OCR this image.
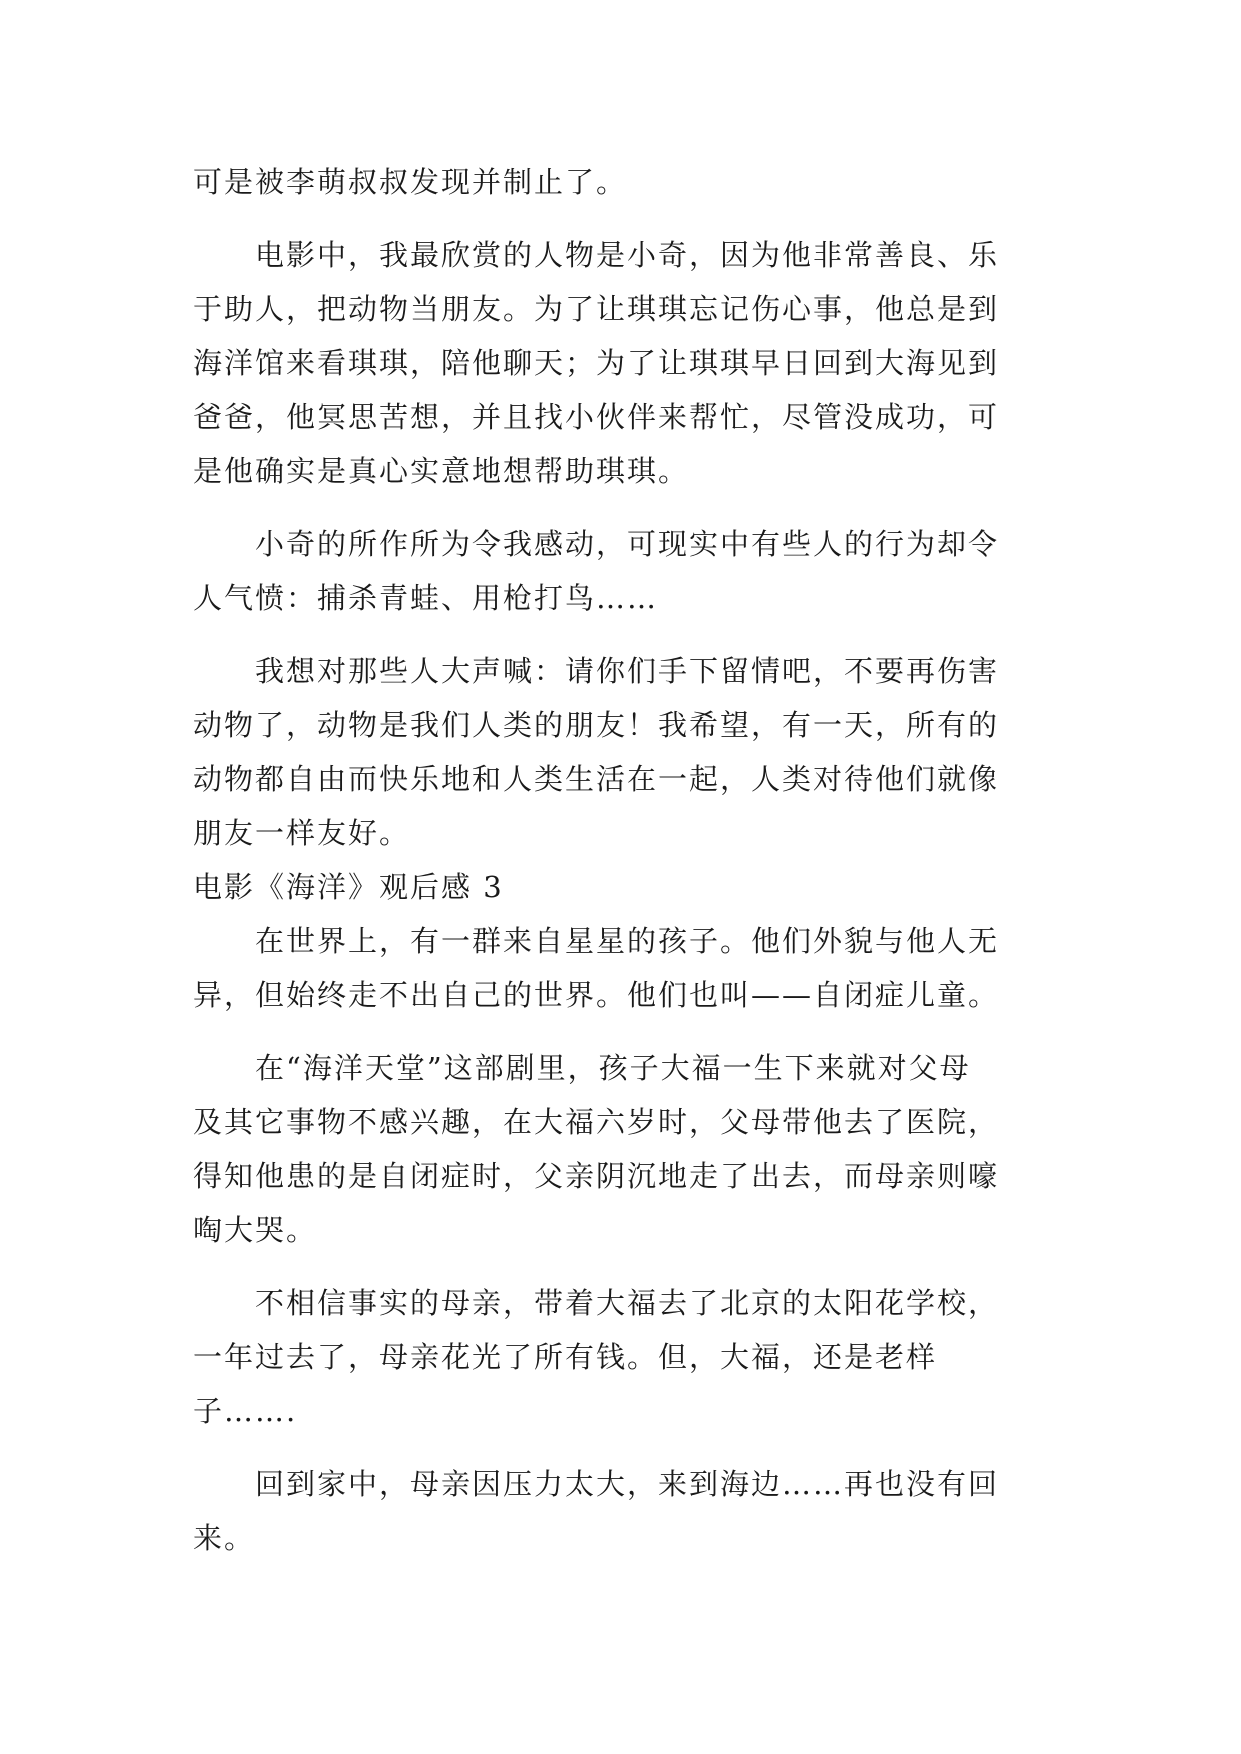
可是被李萌叔叔发现并制止了。
　　电影中，我最欣赏的人物是小奇，因为他非常善良、乐
于助人，把动物当朋友。为了让琪琪忘记伤心事，他总是到
海洋馆来看琪琪，陪他聊天；为了让琪琪早日回到大海见到
爸爸，他冥思苦想，并且找小伙伴来帮忙，尽管没成功，可
是他确实是真心实意地想帮助琪琪。
　　小奇的所作所为令我感动，可现实中有些人的行为却令
人气愤：捕杀青蛙、用枪打鸟……
　　我想对那些人大声喊：请你们手下留情吧，不要再伤害
动物了，动物是我们人类的朋友！我希望，有一天，所有的
动物都自由而快乐地和人类生活在一起，人类对待他们就像
朋友一样友好。
电影《海洋》观后感 3
　　在世界上，有一群来自星星的孩子。他们外貌与他人无
异，但始终走不出自己的世界。他们也叫——自闭症儿童。
　　在“海洋天堂”这部剧里，孩子大福一生下来就对父母
及其它事物不感兴趣，在大福六岁时，父母带他去了医院，
得知他患的是自闭症时，父亲阴沉地走了出去，而母亲则嚎
啕大哭。
　　不相信事实的母亲，带着大福去了北京的太阳花学校，
一年过去了，母亲花光了所有钱。但，大福，还是老样
子…….
　　回到家中，母亲因压力太大，来到海边……再也没有回
来。
